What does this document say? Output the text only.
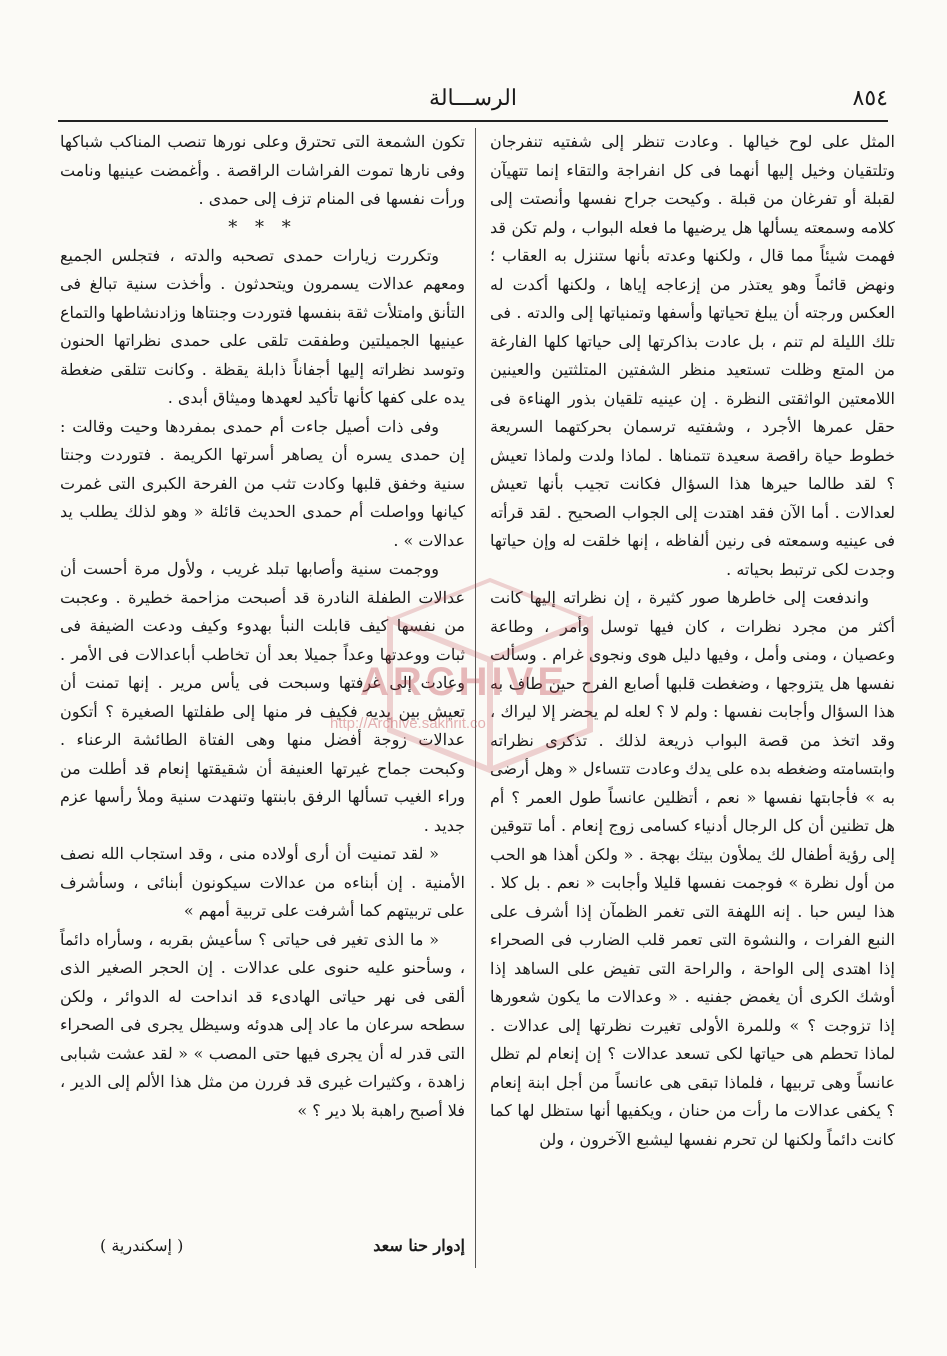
٨٥٤
الرســـالة

المثل على لوح خيالها . وعادت تنظر إلى شفتيه تنفرجان وتلتقيان وخيل إليها أنهما فى كل انفراجة والتقاء إنما تتهيآن لقبلة أو تفرغان من قبلة . وكيحت جراح نفسها وأنصتت إلى كلامه وسمعته يسألها هل يرضيها ما فعله البواب ، ولم تكن قد فهمت شيئاً مما قال ، ولكنها وعدته بأنها ستنزل به العقاب ؛ ونهض قائماً وهو يعتذر من إزعاجه إياها ، ولكنها أكدت له العكس ورجته أن يبلغ تحياتها وأسفها وتمنياتها إلى والدته . فى تلك الليلة لم تنم ، بل عادت بذاكرتها إلى حياتها كلها الفارغة من المتع وظلت تستعيد منظر الشفتين المتلثتين والعينين اللامعتين الواثقتى النظرة . إن عينيه تلقيان بذور الهناءة فى حقل عمرها الأجرد ، وشفتيه ترسمان بحركتهما السريعة خطوط حياة راقصة سعيدة تتمناها . لماذا ولدت ولماذا تعيش ؟ لقد طالما حيرها هذا السؤال فكانت تجيب بأنها تعيش لعدالات . أما الآن فقد اهتدت إلى الجواب الصحيح . لقد قرأته فى عينيه وسمعته فى رنين ألفاظه ، إنها خلقت له وإن حياتها وجدت لكى ترتبط بحياته .

واندفعت إلى خاطرها صور كثيرة ، إن نظراته إليها كانت أكثر من مجرد نظرات ، كان فيها توسل وأمر ، وطاعة وعصيان ، ومنى وأمل ، وفيها دليل هوى ونجوى غرام . وسألت نفسها هل يتزوجها ، وضغطت قلبها أصابع الفرح حين طاف به هذا السؤال وأجابت نفسها : ولم لا ؟ لعله لم يحضر إلا ليراك ، وقد اتخذ من قصة البواب ذريعة لذلك . تذكرى نظراته وابتسامته وضغطه بده على يدك وعادت تتساءل « وهل أرضى به » فأجابتها نفسها « نعم ، أتظلين عانساً طول العمر ؟ أم هل تظنين أن كل الرجال أدنياء كسامى زوج إنعام . أما تتوقين إلى رؤية أطفال لك يملأون بيتك بهجة . « ولكن أهذا هو الحب من أول نظرة » فوجمت نفسها قليلا وأجابت « نعم . بل كلا . هذا ليس حبا . إنه اللهفة التى تغمر الظمآن إذا أشرف على النبع الفرات ، والنشوة التى تعمر قلب الضارب فى الصحراء إذا اهتدى إلى الواحة ، والراحة التى تفيض على الساهد إذا أوشك الكرى أن يغمض جفنيه . « وعدالات ما يكون شعورها إذا تزوجت ؟ » وللمرة الأولى تغيرت نظرتها إلى عدالات . لماذا تحطم هى حياتها لكى تسعد عدالات ؟ إن إنعام لم تظل عانساً وهى تربيها ، فلماذا تبقى هى عانساً من أجل ابنة إنعام ؟ يكفى عدالات ما رأت من حنان ، ويكفيها أنها ستظل لها كما كانت دائماً ولكنها لن تحرم نفسها ليشبع الآخرون ، ولن

تكون الشمعة التى تحترق وعلى نورها تنصب المناكب شباكها وفى نارها تموت الفراشات الراقصة . وأغمضت عينيها ونامت ورأت نفسها فى المنام تزف إلى حمدى .

* * *

وتكررت زيارات حمدى تصحبه والدته ، فتجلس الجميع ومعهم عدالات يسمرون ويتحدثون . وأخذت سنية تبالغ فى التأنق وامتلأت ثقة بنفسها فتوردت وجنتاها وزادنشاطها والتماع عينيها الجميلتين وطفقت تلقى على حمدى نظراتها الحنون وتوسد نظراته إليها أجفاناً ذابلة يقظة . وكانت تتلقى ضغطة يده على كفها كأنها تأكيد لعهدها وميثاق أبدى .

وفى ذات أصيل جاءت أم حمدى بمفردها وحيت وقالت : إن حمدى يسره أن يصاهر أسرتها الكريمة . فتوردت وجنتا سنية وخفق قلبها وكادت تثب من الفرحة الكبرى التى غمرت كيانها وواصلت أم حمدى الحديث قائلة « وهو لذلك يطلب يد عدالات » .

ووجمت سنية وأصابها تبلد غريب ، ولأول مرة أحست أن عدالات الطفلة النادرة قد أصبحت مزاحمة خطيرة . وعجبت من نفسها كيف قابلت النبأ بهدوء وكيف ودعت الضيفة فى ثبات ووعدتها وعداً جميلا بعد أن تخاطب أباعدالات فى الأمر . وعادت إلى غرفتها وسبحت فى يأس مرير . إنها تمنت أن تعيش بين يديه فكيف فر منها إلى طفلتها الصغيرة ؟ أتكون عدالات زوجة أفضل منها وهى الفتاة الطائشة الرعناء . وكبحت جماح غيرتها العنيفة أن شقيقتها إنعام قد أطلت من وراء الغيب تسألها الرفق بابنتها وتنهدت سنية وملأ رأسها عزم جديد .

« لقد تمنيت أن أرى أولاده منى ، وقد استجاب الله نصف الأمنية . إن أبناءه من عدالات سيكونون أبنائى ، وسأشرف على تربيتهم كما أشرفت على تربية أمهم »

« ما الذى تغير فى حياتى ؟ سأعيش بقربه ، وسأراه دائماً ، وسأحنو عليه حنوى على عدالات . إن الحجر الصغير الذى ألقى فى نهر حياتى الهادىء قد انداحت له الدوائر ، ولكن سطحه سرعان ما عاد إلى هدوئه وسيظل يجرى فى الصحراء التى قدر له أن يجرى فيها حتى المصب » « لقد عشت شبابى زاهدة ، وكثيرات غيرى قد فررن من مثل هذا الألم إلى الدير ، فلا أصبح راهبة بلا دير ؟ »

إدوار حنا سعد
( إسكندرية )
ARCHIVE
http://Archive.sakhrit.co
